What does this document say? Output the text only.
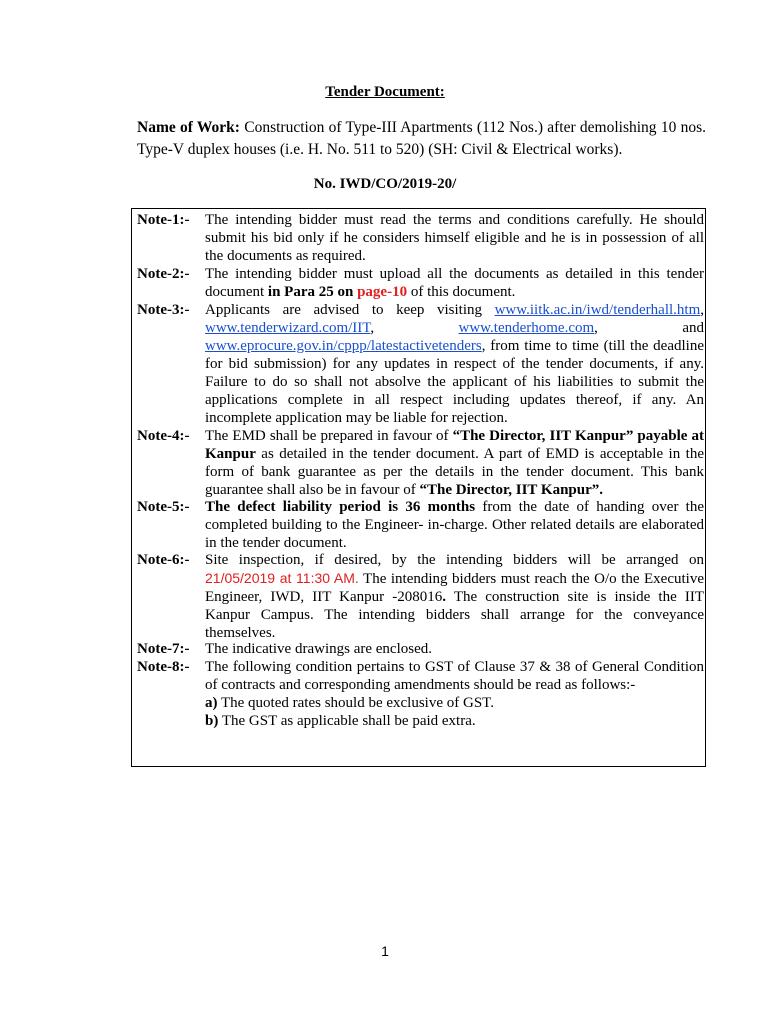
Tender Document:
Name of Work: Construction of Type-III Apartments (112 Nos.) after demolishing 10 nos. Type-V duplex houses (i.e. H. No. 511 to 520) (SH: Civil & Electrical works).
No. IWD/CO/2019-20/
Note-1:- The intending bidder must read the terms and conditions carefully. He should submit his bid only if he considers himself eligible and he is in possession of all the documents as required.
Note-2:- The intending bidder must upload all the documents as detailed in this tender document in Para 25 on page-10 of this document.
Note-3:- Applicants are advised to keep visiting www.iitk.ac.in/iwd/tenderhall.htm, www.tenderwizard.com/IIT, www.tenderhome.com, and www.eprocure.gov.in/cppp/latestactivetenders, from time to time (till the deadline for bid submission) for any updates in respect of the tender documents, if any. Failure to do so shall not absolve the applicant of his liabilities to submit the applications complete in all respect including updates thereof, if any. An incomplete application may be liable for rejection.
Note-4:- The EMD shall be prepared in favour of “The Director, IIT Kanpur” payable at Kanpur as detailed in the tender document. A part of EMD is acceptable in the form of bank guarantee as per the details in the tender document. This bank guarantee shall also be in favour of “The Director, IIT Kanpur”.
Note-5:- The defect liability period is 36 months from the date of handing over the completed building to the Engineer- in-charge. Other related details are elaborated in the tender document.
Note-6:- Site inspection, if desired, by the intending bidders will be arranged on 21/05/2019 at 11:30 AM. The intending bidders must reach the O/o the Executive Engineer, IWD, IIT Kanpur -208016. The construction site is inside the IIT Kanpur Campus. The intending bidders shall arrange for the conveyance themselves.
Note-7:- The indicative drawings are enclosed.
Note-8:- The following condition pertains to GST of Clause 37 & 38 of General Condition of contracts and corresponding amendments should be read as follows:-
a) The quoted rates should be exclusive of GST.
b) The GST as applicable shall be paid extra.
1
